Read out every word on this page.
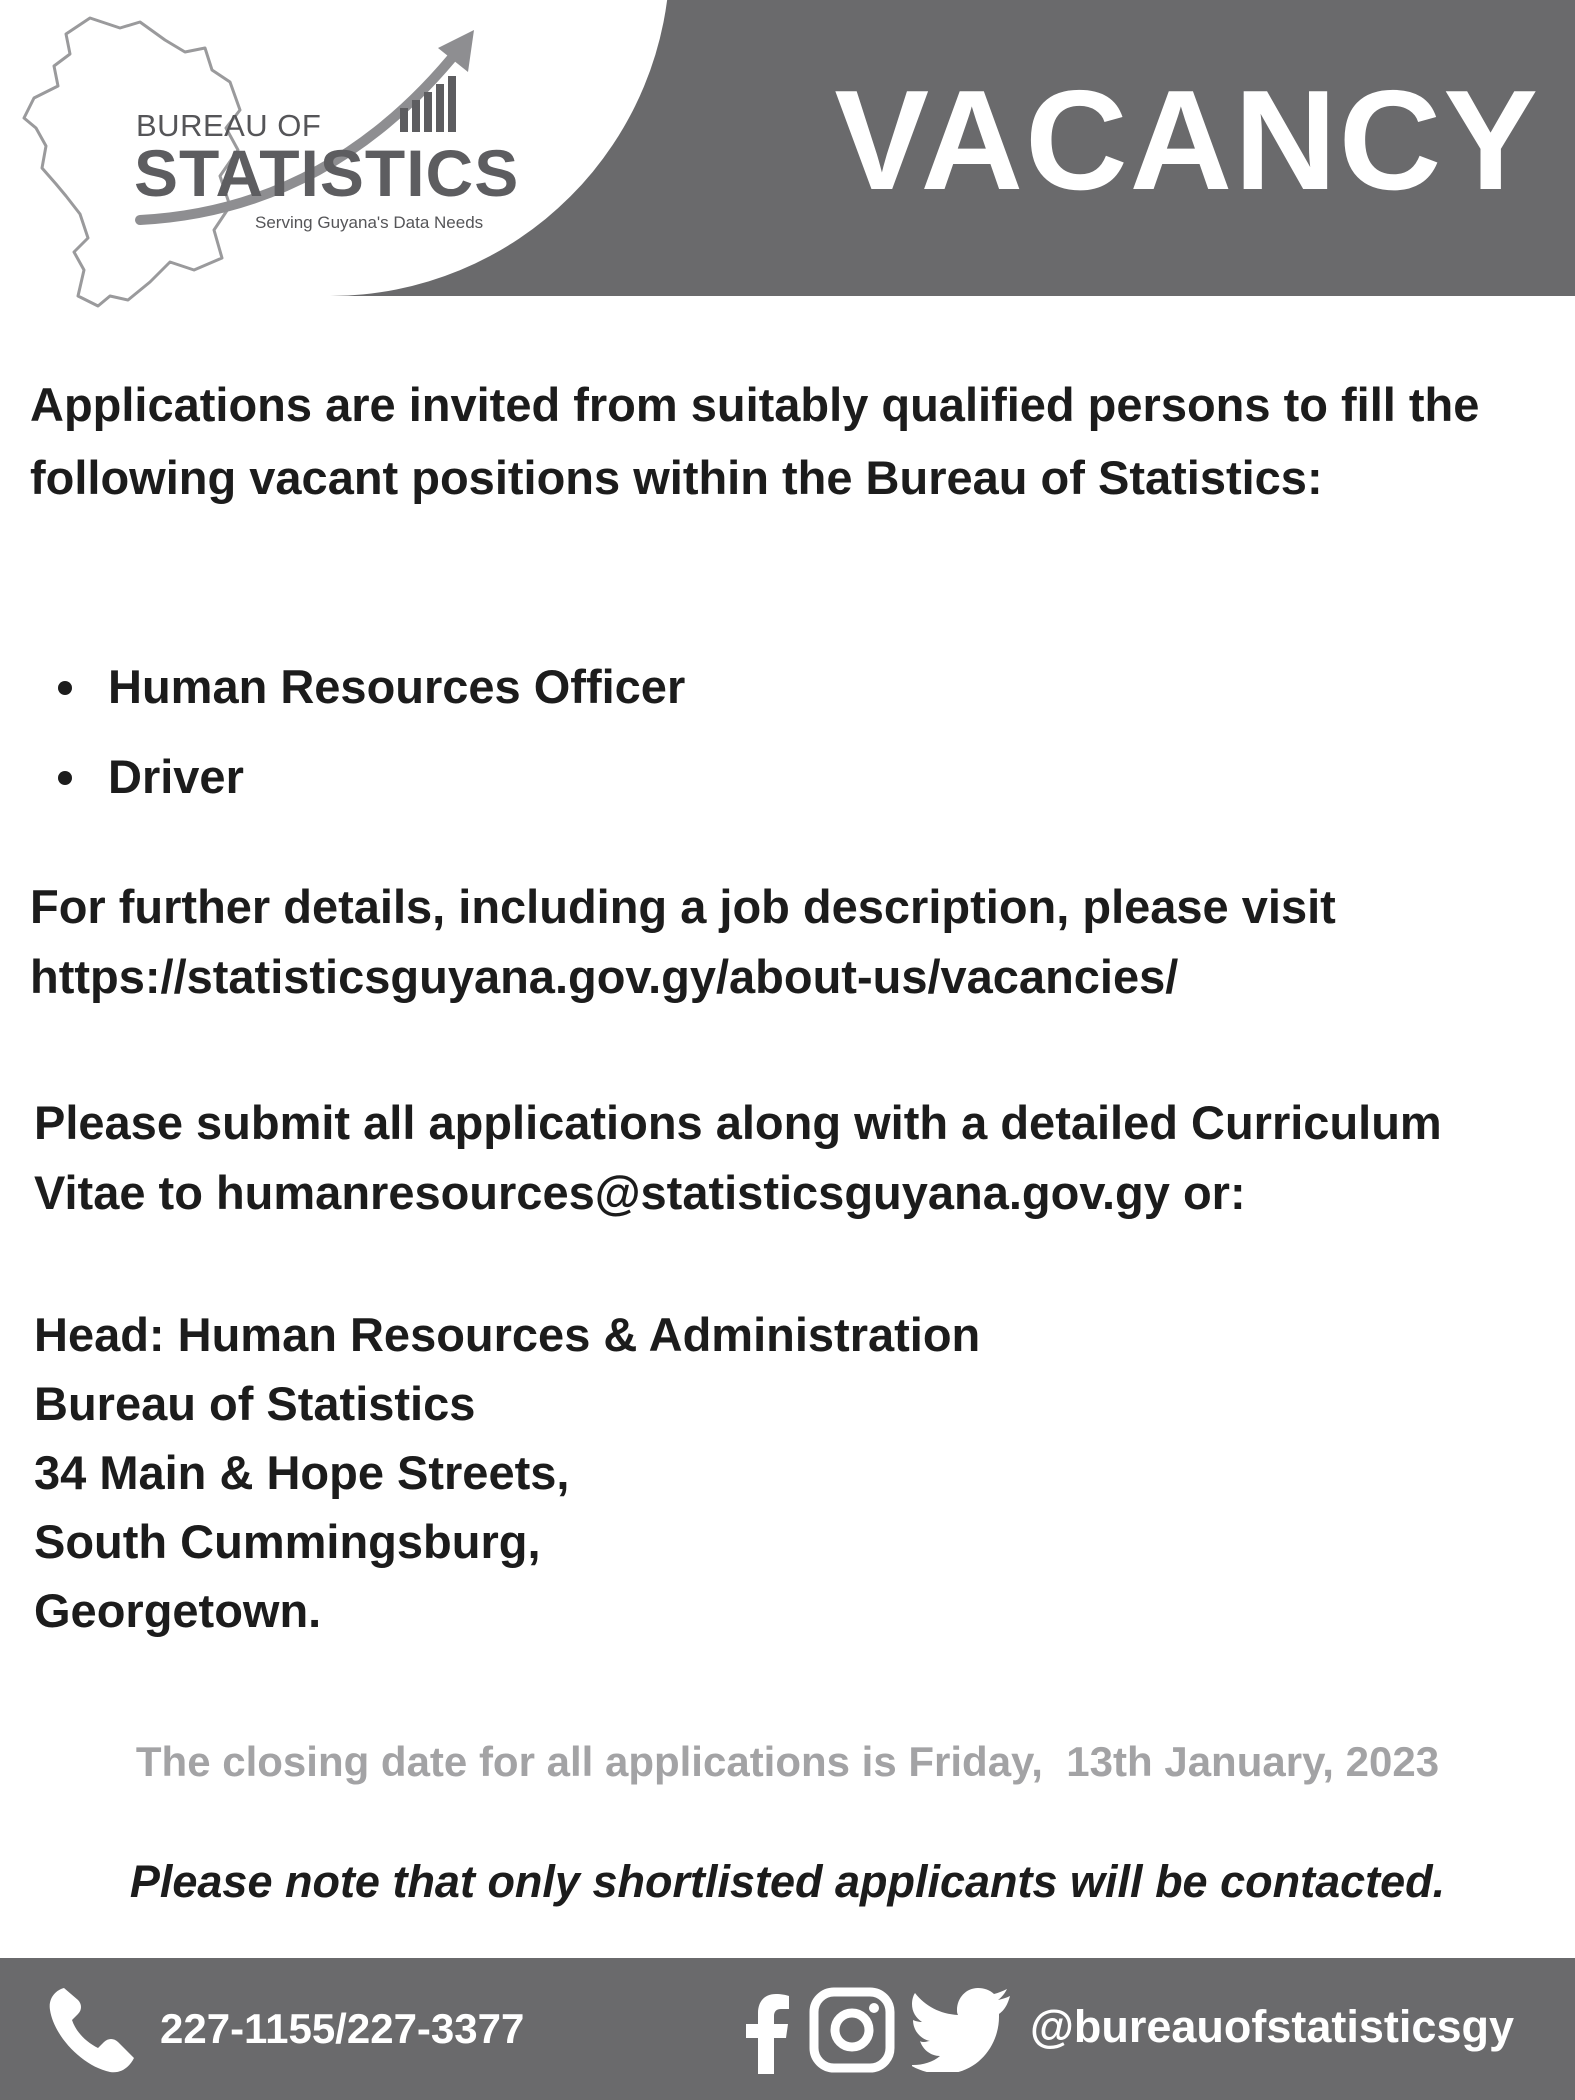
VACANCY
BUREAU OF
STATISTICS
Serving Guyana's Data Needs
Applications are invited from suitably qualified persons to fill the following vacant positions within the Bureau of Statistics:
Human Resources Officer
Driver
For further details, including a job description, please visit
https://statisticsguyana.gov.gy/about-us/vacancies/
Please submit all applications along with a detailed Curriculum
Vitae to humanresources@statisticsguyana.gov.gy or:
Head: Human Resources & Administration
Bureau of Statistics
34 Main & Hope Streets,
South Cummingsburg,
Georgetown.
The closing date for all applications is Friday,  13th January, 2023
Please note that only shortlisted applicants will be contacted.
227-1155/227-3377	@bureauofstatisticsgy
